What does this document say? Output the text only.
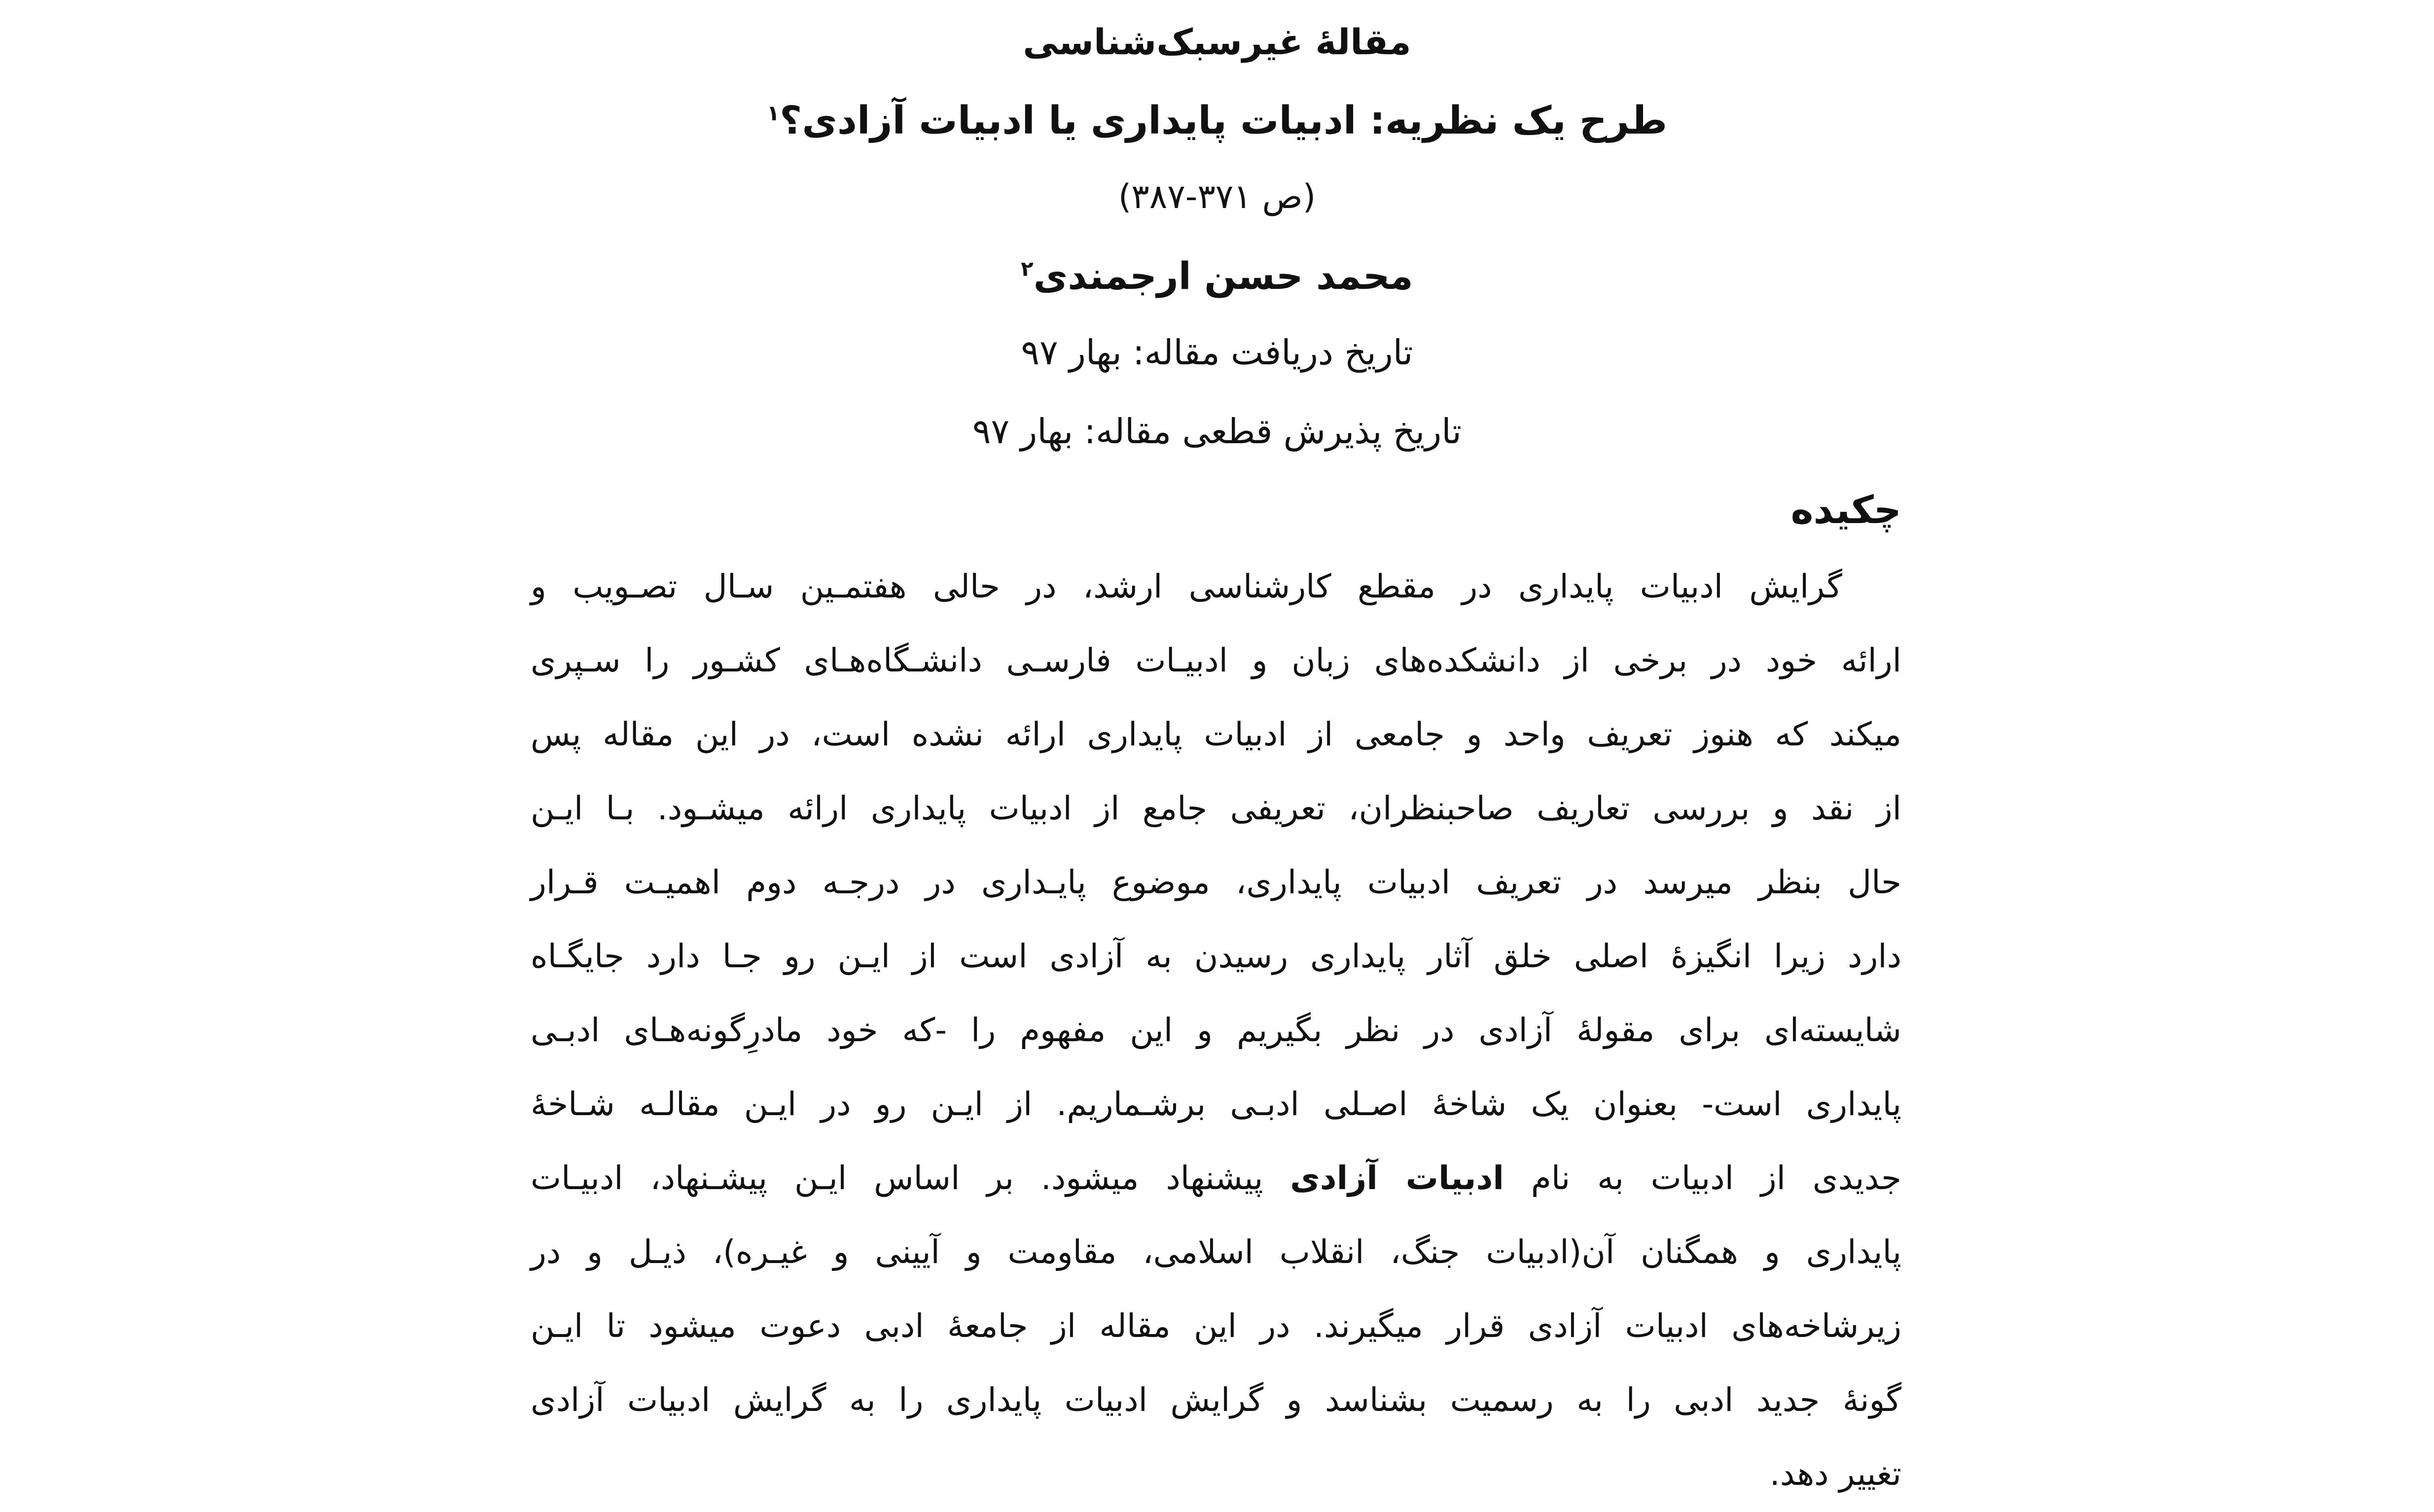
مقالهٔ غیرسبک‌شناسی
طرح یک نظریه: ادبیات پایداری یا ادبیات آزادی؟$^۱$
(ص ۳۷۱-۳۸۷)
محمد حسن ارجمندی$^۲$
تاریخ دریافت مقاله: بهار ۹۷
تاریخ پذیرش قطعی مقاله: بهار ۹۷
چکیده
گرایش ادبیات پایداری در مقطع کارشناسی ارشد، در حالی هفتمـین سـال تصـویب و
ارائه خود در برخی از دانشکده‌های زبان و ادبیـات فارسـی دانشـگاه‌هـای کشـور را سـپری
میکند که هنوز تعریف واحد و جامعی از ادبیات پایداری ارائه نشده است، در این مقاله پس
از نقد و بررسی تعاریف صاحبنظران، تعریفی جامع از ادبیات پایداری ارائه میشـود. بـا ایـن
حال بنظر میرسد در تعریف ادبیات پایداری، موضوع پایـداری در درجـه دوم اهمیـت قـرار
دارد زیرا انگیزهٔ اصلی خلق آثار پایداری رسیدن به آزادی است از ایـن رو جـا دارد جایگـاه
شایسته‌ای برای مقولهٔ آزادی در نظر بگیریم و این مفهوم را -که خود مادرِگونه‌هـای ادبـی
پایداری است- بعنوان یک شاخهٔ اصـلی ادبـی برشـماریم. از ایـن رو در ایـن مقالـه شـاخهٔ
جدیدی از ادبیات به نام ادبیات آزادی پیشنهاد میشود. بر اساس ایـن پیشـنهاد، ادبیـات
پایداری و همگنان آن(ادبیات جنگ، انقلاب اسلامی، مقاومت و آیینی و غیـره)، ذیـل و در
زیرشاخه‌های ادبیات آزادی قرار میگیرند. در این مقاله از جامعهٔ ادبی دعوت میشود تا ایـن
گونهٔ جدید ادبی را به رسمیت بشناسد و گرایش ادبیات پایداری را به گرایش ادبیات آزادی
تغییر دهد.
